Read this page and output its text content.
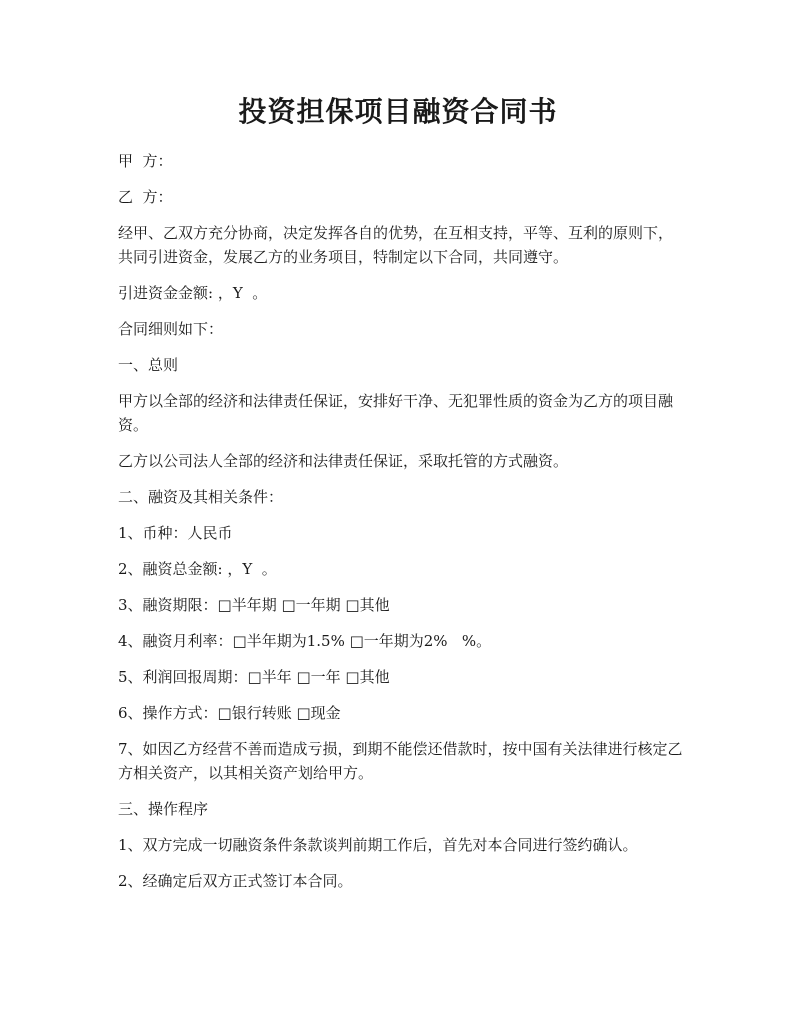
投资担保项目融资合同书

甲  方：

乙  方：

经甲、乙双方充分协商，决定发挥各自的优势，在互相支持，平等、互利的原则下，共同引进资金，发展乙方的业务项目，特制定以下合同，共同遵守。

引进资金金额: ，Y  。

合同细则如下：

一、总则

甲方以全部的经济和法律责任保证，安排好干净、无犯罪性质的资金为乙方的项目融资。

乙方以公司法人全部的经济和法律责任保证，采取托管的方式融资。

二、融资及其相关条件：

1、币种：人民币

2、融资总金额: ，Y  。

3、融资期限：□半年期 □一年期 □其他

4、融资月利率：□半年期为1.5% □一年期为2%   %。

5、利润回报周期：□半年 □一年 □其他

6、操作方式：□银行转账 □现金

7、如因乙方经营不善而造成亏损，到期不能偿还借款时，按中国有关法律进行核定乙方相关资产，以其相关资产划给甲方。

三、操作程序

1、双方完成一切融资条件条款谈判前期工作后，首先对本合同进行签约确认。

2、经确定后双方正式签订本合同。
